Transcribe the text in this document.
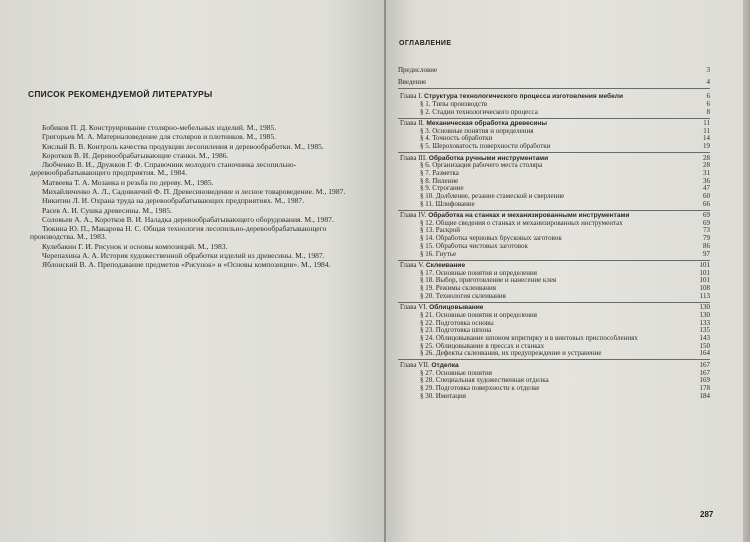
СПИСОК РЕКОМЕНДУЕМОЙ ЛИТЕРАТУРЫ
Бобиков П. Д. Конструирование столярно-мебельных изделий. М., 1985.
Григорьев М. А. Материаловедение для столяров и плотников. М., 1985.
Кислый В. В. Контроль качества продукции лесопиления и деревообработки. М., 1985.
Коротков В. И. Деревообрабатывающие станки. М., 1986.
Любченко В. И., Дружков Г. Ф. Справочник молодого станочника лесопильно-деревообрабатывающего предприятия. М., 1984.
Матвеева Т. А. Мозаика и резьба по дереву. М., 1985.
Михайличенко А. Л., Садовничий Ф. П. Древесиноведение и лесное товароведение. М., 1987.
Никитин Л. И. Охрана труда на деревообрабатывающих предприятиях. М., 1987.
Расев А. И. Сушка древесины. М., 1985.
Соловьев А. А., Коротков В. И. Наладка деревообрабатывающего оборудования. М., 1987.
Тюкина Ю. П., Макарова Н. С. Общая технология лесопильно-деревообрабатывающего производства. М., 1983.
Кулебакин Г. И. Рисунок и основы композиций. М., 1983.
Черепахина А. А. История художественной обработки изделий из древесины. М., 1987.
Яблонский В. А. Преподавание предметов «Рисунок» и «Основы композиции». М., 1984.
ОГЛАВЛЕНИЕ
Предисловие	3
Введение	4
Глава I. Структура технологического процесса изготовления мебели	6
§ 1. Типы производств	6
§ 2. Стадии технологического процесса	8
Глава II. Механическая обработка древесины	11
§ 3. Основные понятия и определения	11
§ 4. Точность обработки	14
§ 5. Шероховатость поверхности обработки	19
Глава III. Обработка ручными инструментами	28
§ 6. Организация рабочего места столяра	28
§ 7. Разметка	31
§ 8. Пиление	36
§ 9. Строгание	47
§ 10. Долбление, резание стамеской и сверление	60
§ 11. Шлифование	66
Глава IV. Обработка на станках и механизированными инструментами	69
§ 12. Общие сведения о станках и механизированных инструментах	69
§ 13. Раскрой	73
§ 14. Обработка черновых брусковых заготовок	79
§ 15. Обработка чистовых заготовок	86
§ 16. Гнутье	97
Глава V. Склеивание	101
§ 17. Основные понятия и определения	101
§ 18. Выбор, приготовление и нанесение клея	101
§ 19. Режимы склеивания	108
§ 20. Технология склеивания	113
Глава VI. Облицовывание	130
§ 21. Основные понятия и определения	130
§ 22. Подготовка основы	133
§ 23. Подготовка шпона	135
§ 24. Облицовывание шпоном впритирку и в винтовых приспособлениях	143
§ 25. Облицовывание в прессах и станках	150
§ 26. Дефекты склеивания, их предупреждение и устранение	164
Глава VII. Отделка	167
§ 27. Основные понятия	167
§ 28. Специальная художественная отделка	169
§ 29. Подготовка поверхности к отделке	178
§ 30. Имитация	184
287
